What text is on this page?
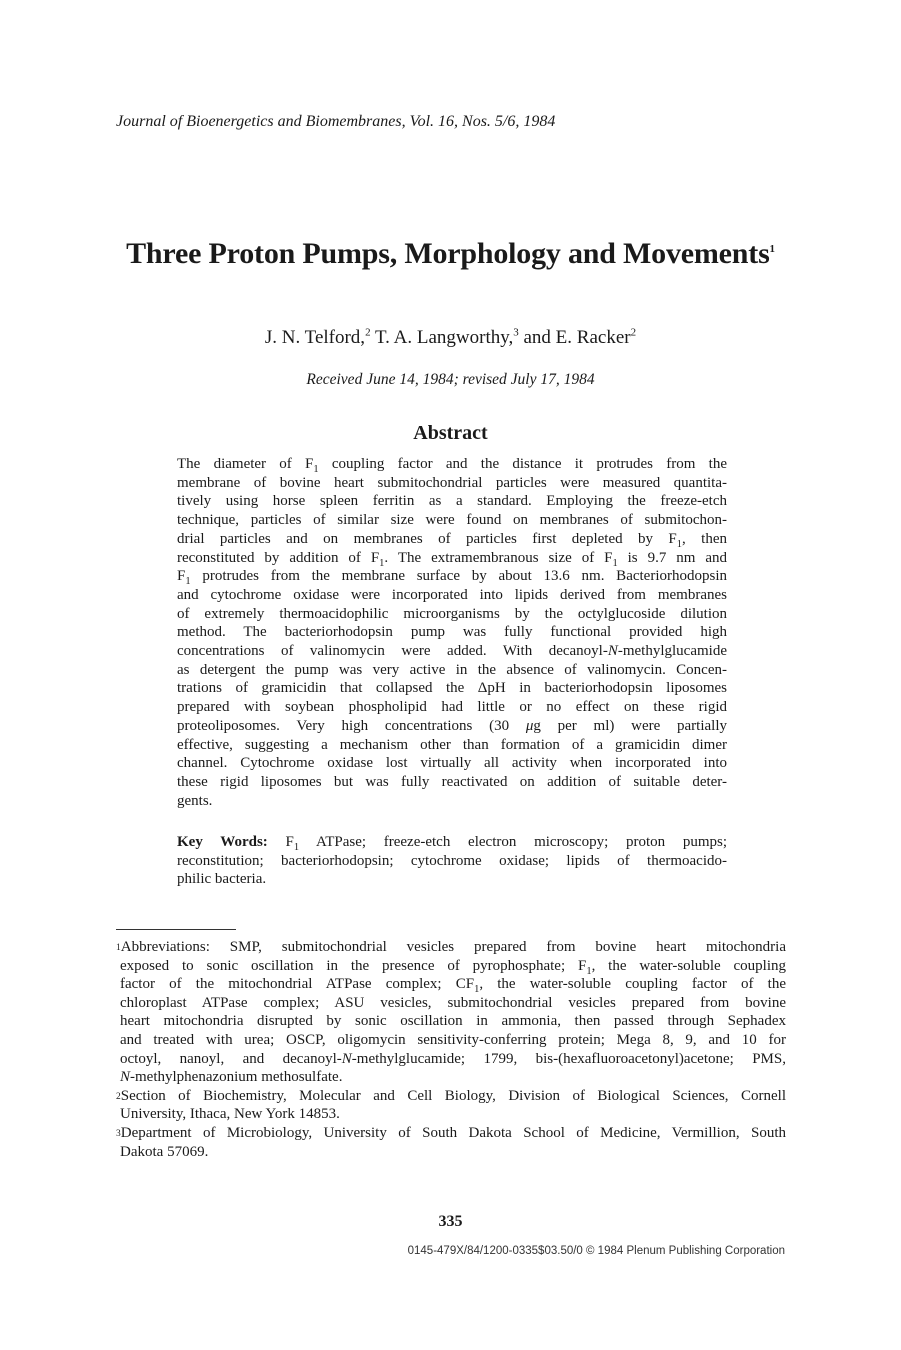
Journal of Bioenergetics and Biomembranes, Vol. 16, Nos. 5/6, 1984
Three Proton Pumps, Morphology and Movements$^1$
J. N. Telford,$^2$ T. A. Langworthy,$^3$ and E. Racker$^2$
Received June 14, 1984; revised July 17, 1984
Abstract
The diameter of $F_1$ coupling factor and the distance it protrudes from the
membrane of bovine heart submitochondrial particles were measured quantita-
tively using horse spleen ferritin as a standard. Employing the freeze-etch
technique, particles of similar size were found on membranes of submitochon-
drial particles and on membranes of particles first depleted by $F_1$, then
reconstituted by addition of $F_1$. The extramembranous size of $F_1$ is 9.7 nm and
$F_1$ protrudes from the membrane surface by about 13.6 nm. Bacteriorhodopsin
and cytochrome oxidase were incorporated into lipids derived from membranes
of extremely thermoacidophilic microorganisms by the octylglucoside dilution
method. The bacteriorhodopsin pump was fully functional provided high
concentrations of valinomycin were added. With decanoyl-N-methylglucamide
as detergent the pump was very active in the absence of valinomycin. Concen-
trations of gramicidin that collapsed the ΔpH in bacteriorhodopsin liposomes
prepared with soybean phospholipid had little or no effect on these rigid
proteoliposomes. Very high concentrations (30 μg per ml) were partially
effective, suggesting a mechanism other than formation of a gramicidin dimer
channel. Cytochrome oxidase lost virtually all activity when incorporated into
these rigid liposomes but was fully reactivated on addition of suitable deter-
gents.
Key Words: $F_1$ ATPase; freeze-etch electron microscopy; proton pumps;
reconstitution; bacteriorhodopsin; cytochrome oxidase; lipids of thermoacido-
philic bacteria.
$^1$Abbreviations: SMP, submitochondrial vesicles prepared from bovine heart mitochondria
exposed to sonic oscillation in the presence of pyrophosphate; $F_1$, the water-soluble coupling
factor of the mitochondrial ATPase complex; $CF_1$, the water-soluble coupling factor of the
chloroplast ATPase complex; ASU vesicles, submitochondrial vesicles prepared from bovine
heart mitochondria disrupted by sonic oscillation in ammonia, then passed through Sephadex
and treated with urea; OSCP, oligomycin sensitivity-conferring protein; Mega 8, 9, and 10 for
octoyl, nanoyl, and decanoyl-N-methylglucamide; 1799, bis-(hexafluoroacetonyl)acetone; PMS,
N-methylphenazonium methosulfate.
$^2$Section of Biochemistry, Molecular and Cell Biology, Division of Biological Sciences, Cornell
University, Ithaca, New York 14853.
$^3$Department of Microbiology, University of South Dakota School of Medicine, Vermillion, South
Dakota 57069.
335
0145-479X/84/1200-0335$03.50/0 © 1984 Plenum Publishing Corporation
